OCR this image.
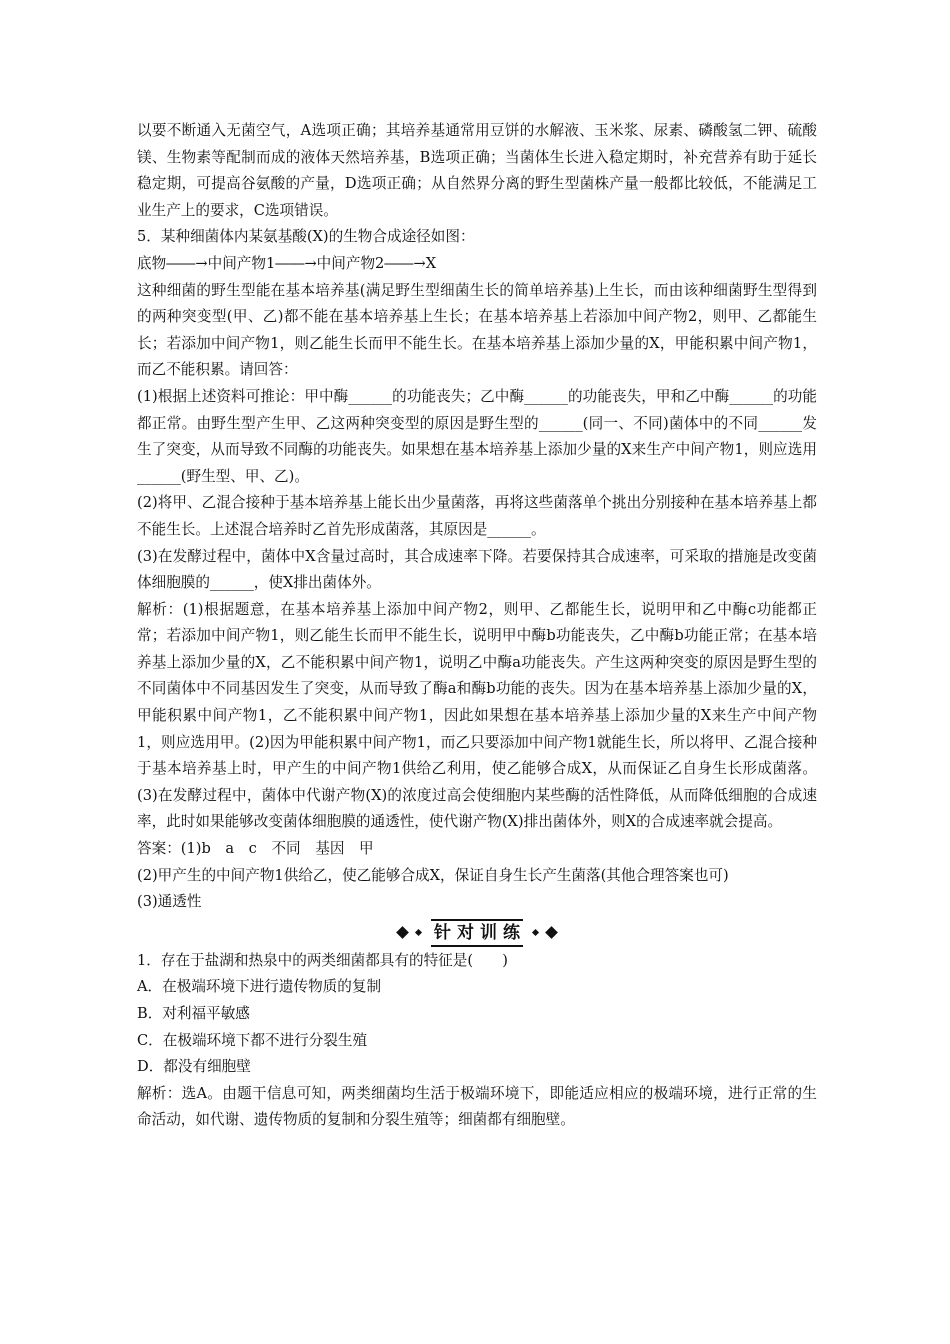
以要不断通入无菌空气，A选项正确；其培养基通常用豆饼的水解液、玉米浆、尿素、磷酸氢二钾、硫酸镁、生物素等配制而成的液体天然培养基，B选项正确；当菌体生长进入稳定期时，补充营养有助于延长稳定期，可提高谷氨酸的产量，D选项正确；从自然界分离的野生型菌株产量一般都比较低，不能满足工业生产上的要求，C选项错误。

5．某种细菌体内某氨基酸(X)的生物合成途径如图：

底物――→中间产物1――→中间产物2――→X

这种细菌的野生型能在基本培养基(满足野生型细菌生长的简单培养基)上生长，而由该种细菌野生型得到的两种突变型(甲、乙)都不能在基本培养基上生长；在基本培养基上若添加中间产物2，则甲、乙都能生长；若添加中间产物1，则乙能生长而甲不能生长。在基本培养基上添加少量的X，甲能积累中间产物1，而乙不能积累。请回答：

(1)根据上述资料可推论：甲中酶______的功能丧失；乙中酶______的功能丧失，甲和乙中酶______的功能都正常。由野生型产生甲、乙这两种突变型的原因是野生型的______(同一、不同)菌体中的不同______发生了突变，从而导致不同酶的功能丧失。如果想在基本培养基上添加少量的X来生产中间产物1，则应选用______(野生型、甲、乙)。

(2)将甲、乙混合接种于基本培养基上能长出少量菌落，再将这些菌落单个挑出分别接种在基本培养基上都不能生长。上述混合培养时乙首先形成菌落，其原因是______。

(3)在发酵过程中，菌体中X含量过高时，其合成速率下降。若要保持其合成速率，可采取的措施是改变菌体细胞膜的______，使X排出菌体外。

解析：(1)根据题意，在基本培养基上添加中间产物2，则甲、乙都能生长，说明甲和乙中酶c功能都正常；若添加中间产物1，则乙能生长而甲不能生长，说明甲中酶b功能丧失，乙中酶b功能正常；在基本培养基上添加少量的X，乙不能积累中间产物1，说明乙中酶a功能丧失。产生这两种突变的原因是野生型的不同菌体中不同基因发生了突变，从而导致了酶a和酶b功能的丧失。因为在基本培养基上添加少量的X，甲能积累中间产物1，乙不能积累中间产物1，因此如果想在基本培养基上添加少量的X来生产中间产物1，则应选用甲。(2)因为甲能积累中间产物1，而乙只要添加中间产物1就能生长，所以将甲、乙混合接种于基本培养基上时，甲产生的中间产物1供给乙利用，使乙能够合成X，从而保证乙自身生长形成菌落。(3)在发酵过程中，菌体中代谢产物(X)的浓度过高会使细胞内某些酶的活性降低，从而降低细胞的合成速率，此时如果能够改变菌体细胞膜的通透性，使代谢产物(X)排出菌体外，则X的合成速率就会提高。

答案：(1)b　a　c　不同　基因　甲

(2)甲产生的中间产物1供给乙，使乙能够合成X，保证自身生长产生菌落(其他合理答案也可)

(3)通透性

针 对 训 练

1．存在于盐湖和热泉中的两类细菌都具有的特征是(　　)

A．在极端环境下进行遗传物质的复制

B．对利福平敏感

C．在极端环境下都不进行分裂生殖

D．都没有细胞壁

解析：选A。由题干信息可知，两类细菌均生活于极端环境下，即能适应相应的极端环境，进行正常的生命活动，如代谢、遗传物质的复制和分裂生殖等；细菌都有细胞壁。
